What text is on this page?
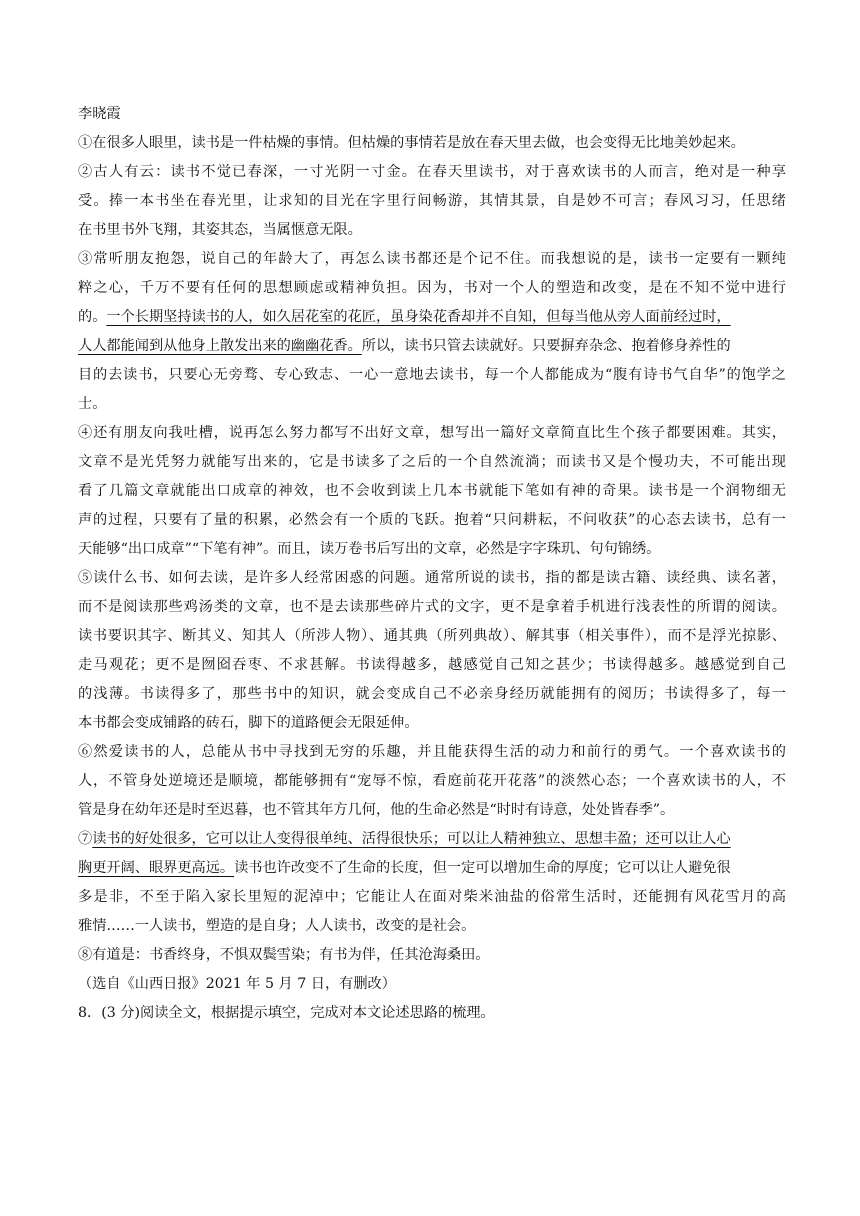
李晓霞
①在很多人眼里，读书是一件枯燥的事情。但枯燥的事情若是放在春天里去做，也会变得无比地美妙起来。
②古人有云：读书不觉已春深，一寸光阴一寸金。在春天里读书，对于喜欢读书的人而言，绝对是一种享
受。捧一本书坐在春光里，让求知的目光在字里行间畅游，其情其景，自是妙不可言；春风习习，任思绪
在书里书外飞翔，其姿其态，当属惬意无限。
③常听朋友抱怨，说自己的年龄大了，再怎么读书都还是个记不住。而我想说的是，读书一定要有一颗纯
粹之心，千万不要有任何的思想顾虑或精神负担。因为，书对一个人的塑造和改变，是在不知不觉中进行
的。一个长期坚持读书的人，如久居花室的花匠，虽身染花香却并不自知，但每当他从旁人面前经过时，
人人都能闻到从他身上散发出来的幽幽花香。所以，读书只管去读就好。只要摒弃杂念、抱着修身养性的
目的去读书，只要心无旁骛、专心致志、一心一意地去读书，每一个人都能成为“腹有诗书气自华”的饱学之
士。
④还有朋友向我吐槽，说再怎么努力都写不出好文章，想写出一篇好文章简直比生个孩子都要困难。其实，
文章不是光凭努力就能写出来的，它是书读多了之后的一个自然流淌；而读书又是个慢功夫，不可能出现
看了几篇文章就能出口成章的神效，也不会收到读上几本书就能下笔如有神的奇果。读书是一个润物细无
声的过程，只要有了量的积累，必然会有一个质的飞跃。抱着“只问耕耘，不问收获”的心态去读书，总有一
天能够“出口成章”“下笔有神”。而且，读万卷书后写出的文章，必然是字字珠玑、句句锦绣。
⑤读什么书、如何去读，是许多人经常困惑的问题。通常所说的读书，指的都是读古籍、读经典、读名著，
而不是阅读那些鸡汤类的文章，也不是去读那些碎片式的文字，更不是拿着手机进行浅表性的所谓的阅读。
读书要识其字、断其义、知其人（所涉人物）、通其典（所列典故）、解其事（相关事件），而不是浮光掠影、
走马观花；更不是囫囵吞枣、不求甚解。书读得越多，越感觉自己知之甚少；书读得越多。越感觉到自己
的浅薄。书读得多了，那些书中的知识，就会变成自己不必亲身经历就能拥有的阅历；书读得多了，每一
本书都会变成铺路的砖石，脚下的道路便会无限延伸。
⑥然爱读书的人，总能从书中寻找到无穷的乐趣，并且能获得生活的动力和前行的勇气。一个喜欢读书的
人，不管身处逆境还是顺境，都能够拥有“宠辱不惊，看庭前花开花落”的淡然心态；一个喜欢读书的人，不
管是身在幼年还是时至迟暮，也不管其年方几何，他的生命必然是“时时有诗意，处处皆春季”。
⑦读书的好处很多，它可以让人变得很单纯、活得很快乐；可以让人精神独立、思想丰盈；还可以让人心
胸更开阔、眼界更高远。读书也许改变不了生命的长度，但一定可以增加生命的厚度；它可以让人避免很
多是非，不至于陷入家长里短的泥淖中；它能让人在面对柴米油盐的俗常生活时，还能拥有风花雪月的高
雅情……一人读书，塑造的是自身；人人读书，改变的是社会。
⑧有道是：书香终身，不惧双鬓雪染；有书为伴，任其沧海桑田。
（选自《山西日报》2021 年 5 月 7 日，有删改）
8．(3 分)阅读全文，根据提示填空，完成对本文论述思路的梳理。
